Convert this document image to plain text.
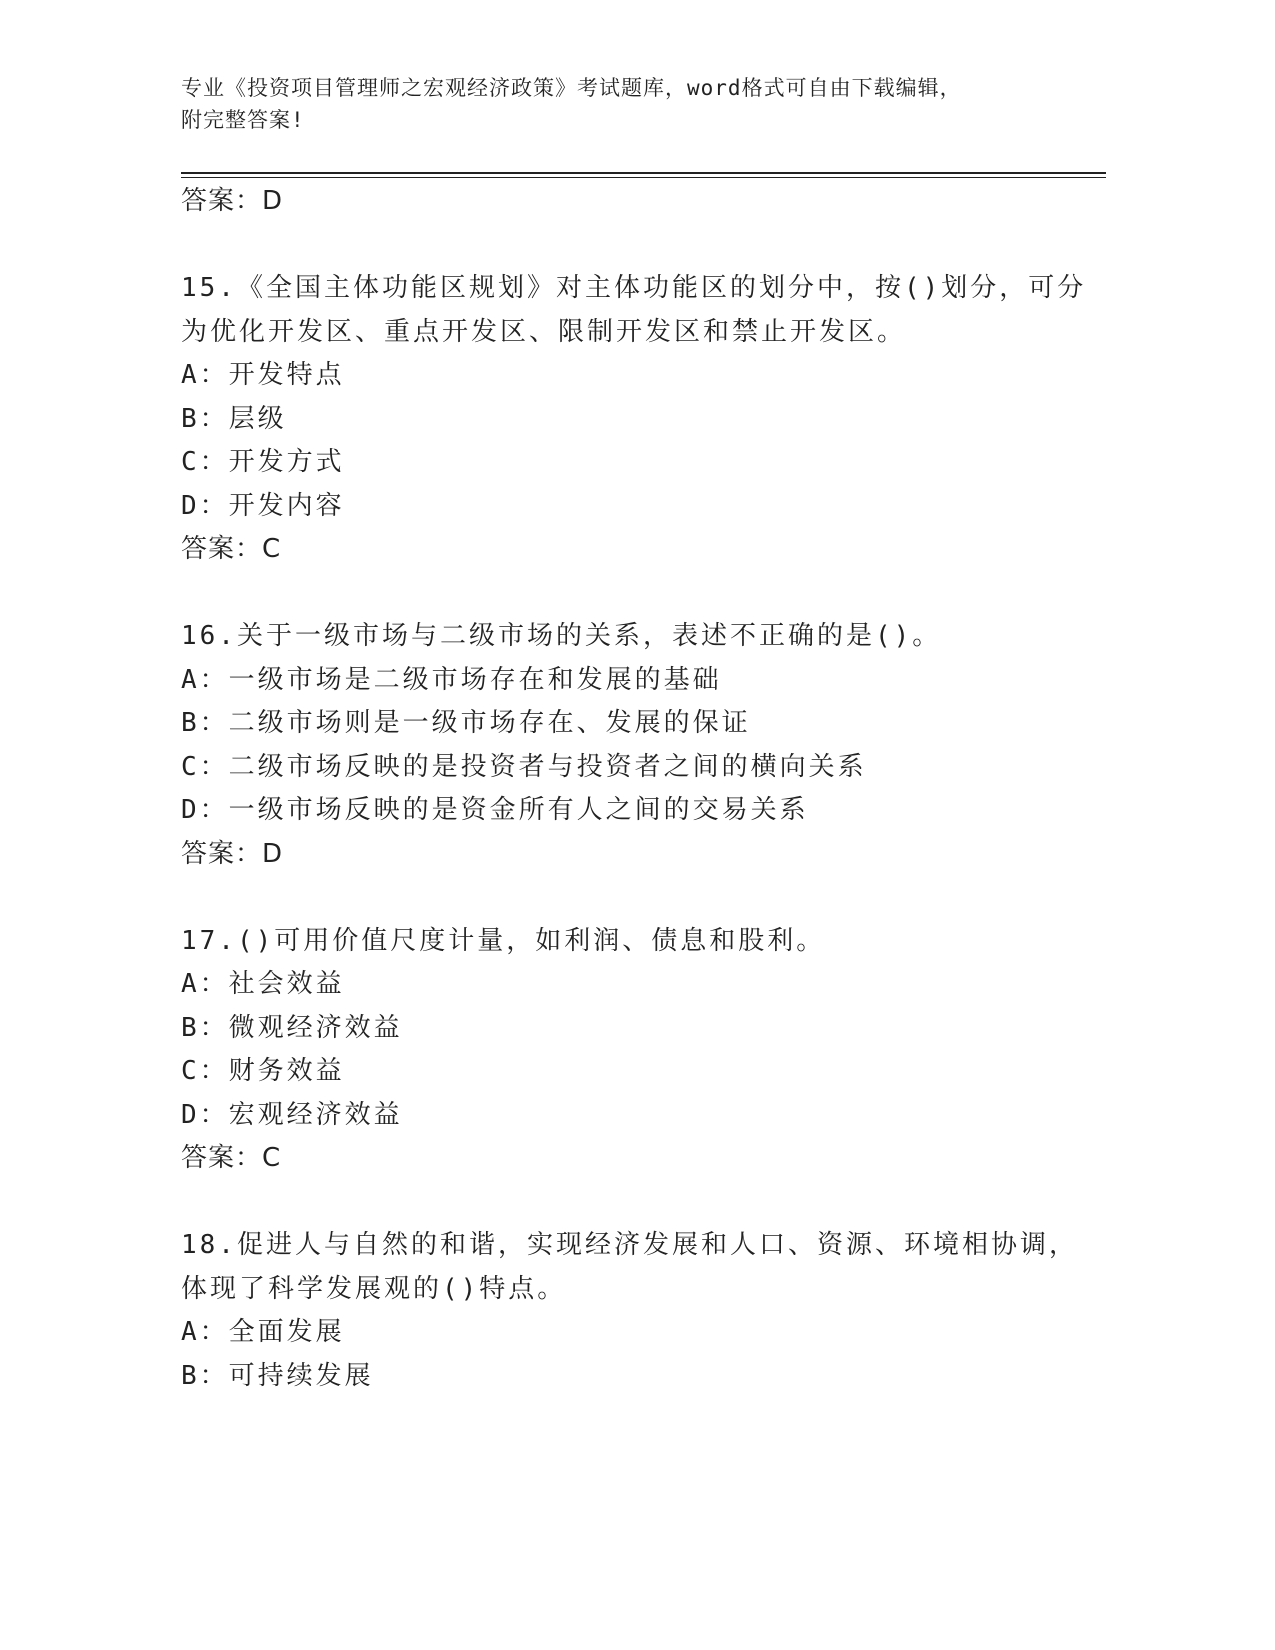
专业《投资项目管理师之宏观经济政策》考试题库，word格式可自由下载编辑，
附完整答案!
答案：D
15.《全国主体功能区规划》对主体功能区的划分中，按()划分，可分
为优化开发区、重点开发区、限制开发区和禁止开发区。
A：开发特点
B：层级
C：开发方式
D：开发内容
答案：C
16.关于一级市场与二级市场的关系，表述不正确的是()。
A：一级市场是二级市场存在和发展的基础
B：二级市场则是一级市场存在、发展的保证
C：二级市场反映的是投资者与投资者之间的横向关系
D：一级市场反映的是资金所有人之间的交易关系
答案：D
17.()可用价值尺度计量，如利润、债息和股利。
A：社会效益
B：微观经济效益
C：财务效益
D：宏观经济效益
答案：C
18.促进人与自然的和谐，实现经济发展和人口、资源、环境相协调，
体现了科学发展观的()特点。
A：全面发展
B：可持续发展
